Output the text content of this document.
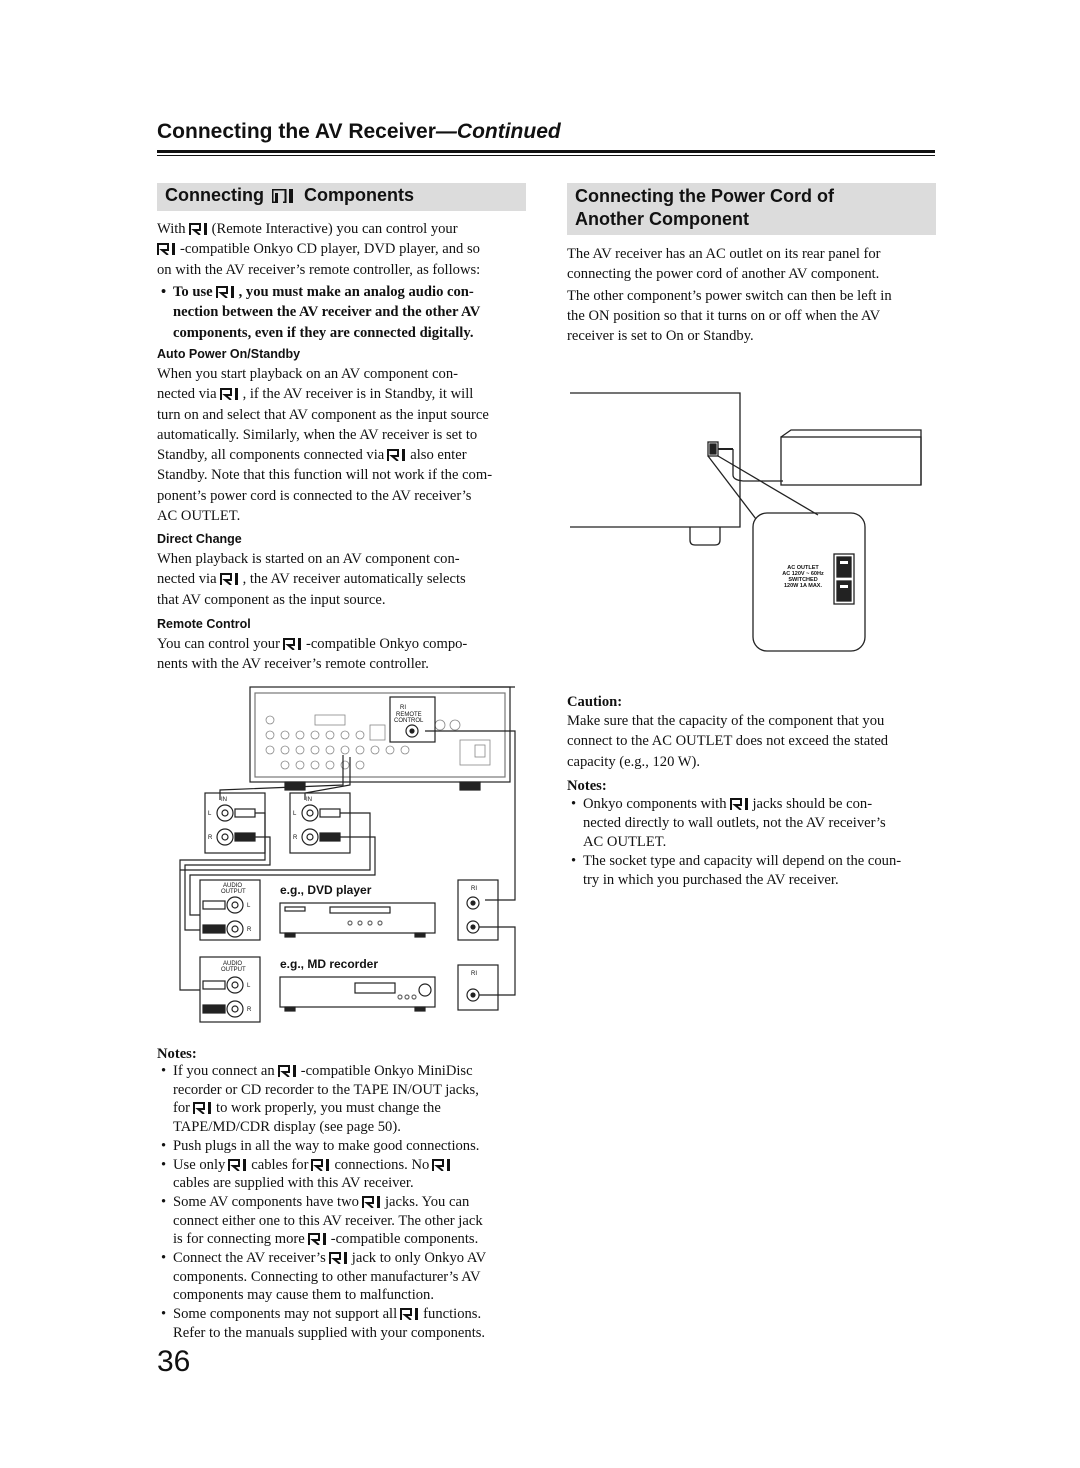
Connecting the AV Receiver—Continued
Connecting Components
With (Remote Interactive) you can control your
-compatible Onkyo CD player, DVD player, and so
on with the AV receiver’s remote controller, as follows:
• To use , you must make an analog audio con-
nection between the AV receiver and the other AV
components, even if they are connected digitally.
Auto Power On/Standby
When you start playback on an AV component con-
nected via , if the AV receiver is in Standby, it will
turn on and select that AV component as the input source
automatically. Similarly, when the AV receiver is set to
Standby, all components connected via also enter
Standby. Note that this function will not work if the com-
ponent’s power cord is connected to the AV receiver’s
AC OUTLET.
Direct Change
When playback is started on an AV component con-
nected via , the AV receiver automatically selects
that AV component as the input source.
Remote Control
You can control your -compatible Onkyo compo-
nents with the AV receiver’s remote controller.
RI
REMOTE
CONTROL
IN	IN
L
R
L
R
AUDIO
OUTPUT
L
R
AUDIO
OUTPUT
L
R
RI
RI
e.g., DVD player
e.g., MD recorder
Notes:
• If you connect an -compatible Onkyo MiniDisc
recorder or CD recorder to the TAPE IN/OUT jacks,
for to work properly, you must change the
TAPE/MD/CDR display (see page 50).
• Push plugs in all the way to make good connections.
• Use only cables for connections. No
cables are supplied with this AV receiver.
• Some AV components have two jacks. You can
connect either one to this AV receiver. The other jack
is for connecting more -compatible components.
• Connect the AV receiver’s jack to only Onkyo AV
components. Connecting to other manufacturer’s AV
components may cause them to malfunction.
• Some components may not support all functions.
Refer to the manuals supplied with your components.
Connecting the Power Cord of
Another Component
The AV receiver has an AC outlet on its rear panel for
connecting the power cord of another AV component.
The other component’s power switch can then be left in
the ON position so that it turns on or off when the AV
receiver is set to On or Standby.
AC OUTLET
AC 120V ~ 60Hz
SWITCHED
120W 1A MAX.
Caution:
Make sure that the capacity of the component that you
connect to the AC OUTLET does not exceed the stated
capacity (e.g., 120 W).
Notes:
• Onkyo components with jacks should be con-
nected directly to wall outlets, not the AV receiver’s
AC OUTLET.
• The socket type and capacity will depend on the coun-
try in which you purchased the AV receiver.
36
